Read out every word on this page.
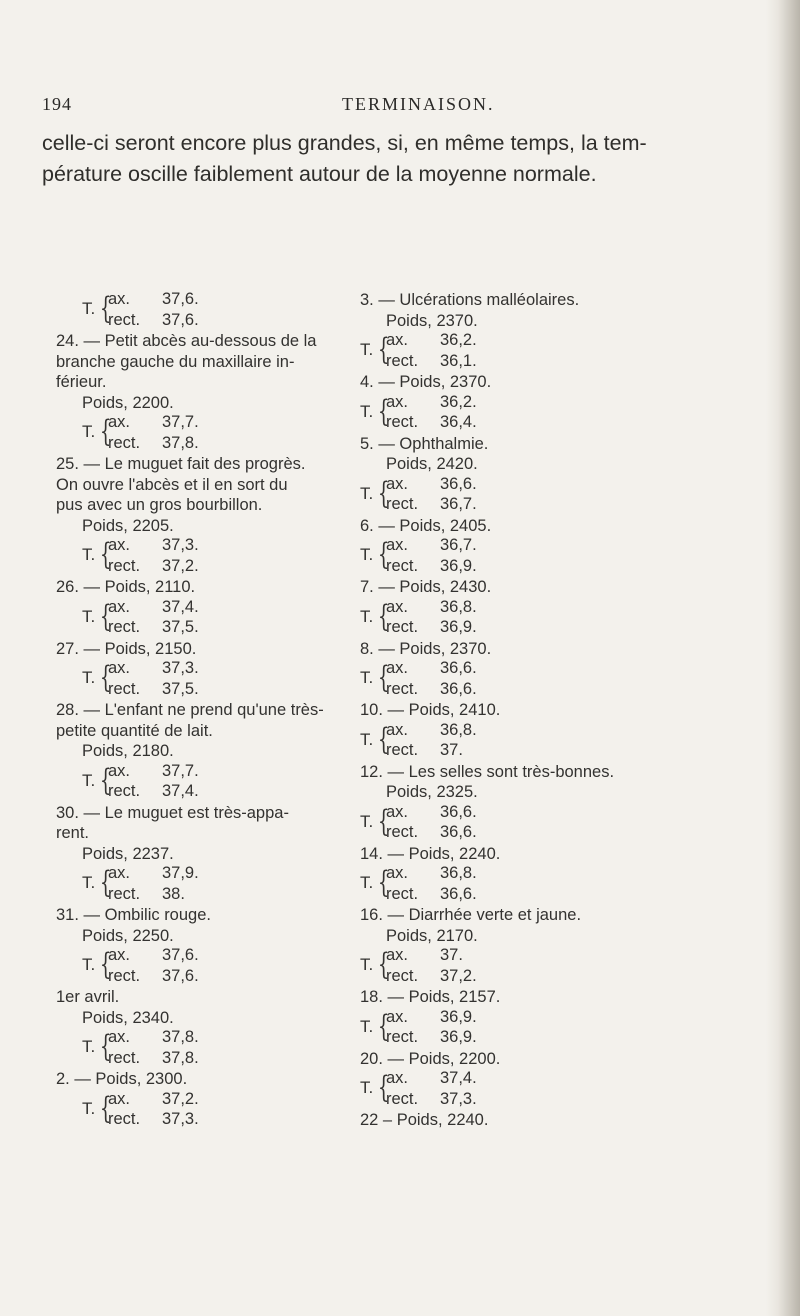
194	TERMINAISON.
celle-ci seront encore plus grandes, si, en même temps, la tem-
pérature oscille faiblement autour de la moyenne normale.
T. {
ax. 37,6.
rect. 37,6.
24. — Petit abcès au-dessous de la
branche gauche du maxillaire in-
férieur.
Poids, 2200.
T. {
ax. 37,7.
rect. 37,8.
25. — Le muguet fait des progrès.
On ouvre l'abcès et il en sort du
pus avec un gros bourbillon.
Poids, 2205.
T. {
ax. 37,3.
rect. 37,2.
26. — Poids, 2110.
T. {
ax. 37,4.
rect. 37,5.
27. — Poids, 2150.
T. {
ax. 37,3.
rect. 37,5.
28. — L'enfant ne prend qu'une très-
petite quantité de lait.
Poids, 2180.
T. {
ax. 37,7.
rect. 37,4.
30. — Le muguet est très-appa-
rent.
Poids, 2237.
T. {
ax. 37,9.
rect. 38.
31. — Ombilic rouge.
Poids, 2250.
T. {
ax. 37,6.
rect. 37,6.
1er avril.
Poids, 2340.
T. {
ax. 37,8.
rect. 37,8.
2. — Poids, 2300.
T. {
ax. 37,2.
rect. 37,3.
3. — Ulcérations malléolaires.
Poids, 2370.
T. {
ax. 36,2.
rect. 36,1.
4. — Poids, 2370.
T. {
ax. 36,2.
rect. 36,4.
5. — Ophthalmie.
Poids, 2420.
T. {
ax. 36,6.
rect. 36,7.
6. — Poids, 2405.
T. {
ax. 36,7.
rect. 36,9.
7. — Poids, 2430.
T. {
ax. 36,8.
rect. 36,9.
8. — Poids, 2370.
T. {
ax. 36,6.
rect. 36,6.
10. — Poids, 2410.
T. {
ax. 36,8.
rect. 37.
12. — Les selles sont très-bonnes.
Poids, 2325.
T. {
ax. 36,6.
rect. 36,6.
14. — Poids, 2240.
T. {
ax. 36,8.
rect. 36,6.
16. — Diarrhée verte et jaune.
Poids, 2170.
T. {
ax. 37.
rect. 37,2.
18. — Poids, 2157.
T. {
ax. 36,9.
rect. 36,9.
20. — Poids, 2200.
T. {
ax. 37,4.
rect. 37,3.
22 – Poids, 2240.
